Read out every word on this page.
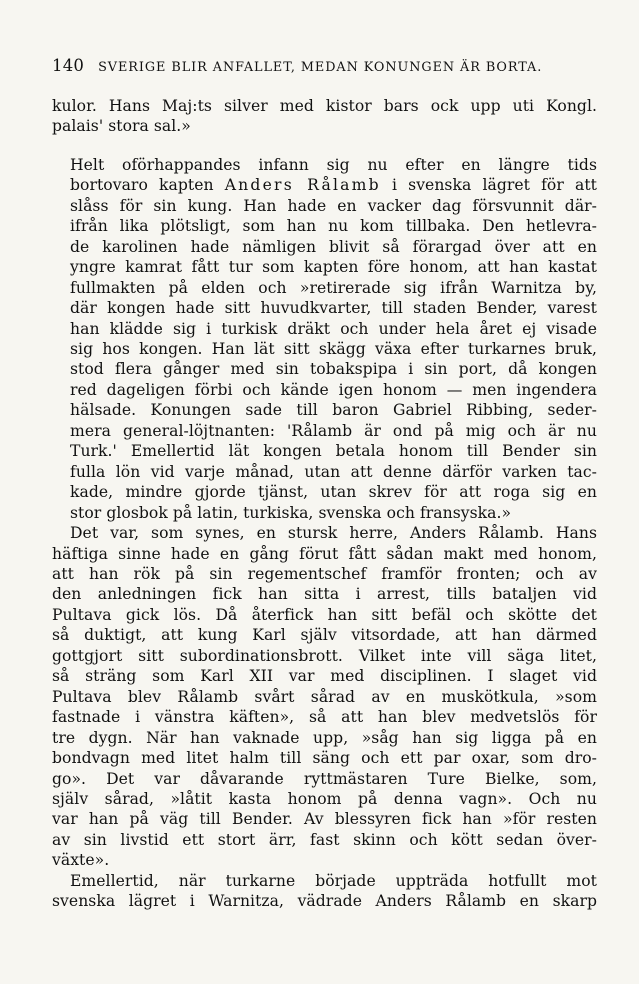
140 SVERIGE BLIR ANFALLET, MEDAN KONUNGEN ÄR BORTA.
kulor. Hans Maj:ts silver med kistor bars ock upp uti Kongl.
palais' stora sal.»
Helt oförhappandes infann sig nu efter en längre tids
bortovaro kapten Anders Rålamb i svenska lägret för att
slåss för sin kung. Han hade en vacker dag försvunnit där-
ifrån lika plötsligt, som han nu kom tillbaka. Den hetlevra-
de karolinen hade nämligen blivit så förargad över att en
yngre kamrat fått tur som kapten före honom, att han kastat
fullmakten på elden och »retirerade sig ifrån Warnitza by,
där kongen hade sitt huvudkvarter, till staden Bender, varest
han klädde sig i turkisk dräkt och under hela året ej visade
sig hos kongen. Han lät sitt skägg växa efter turkarnes bruk,
stod flera gånger med sin tobakspipa i sin port, då kongen
red dageligen förbi och kände igen honom — men ingendera
hälsade. Konungen sade till baron Gabriel Ribbing, seder-
mera general-löjtnanten: 'Rålamb är ond på mig och är nu
Turk.' Emellertid lät kongen betala honom till Bender sin
fulla lön vid varje månad, utan att denne därför varken tac-
kade, mindre gjorde tjänst, utan skrev för att roga sig en
stor glosbok på latin, turkiska, svenska och fransyska.»
Det var, som synes, en stursk herre, Anders Rålamb. Hans
häftiga sinne hade en gång förut fått sådan makt med honom,
att han rök på sin regementschef framför fronten; och av
den anledningen fick han sitta i arrest, tills bataljen vid
Pultava gick lös. Då återfick han sitt befäl och skötte det
så duktigt, att kung Karl själv vitsordade, att han därmed
gottgjort sitt subordinationsbrott. Vilket inte vill säga litet,
så sträng som Karl XII var med disciplinen. I slaget vid
Pultava blev Rålamb svårt sårad av en muskötkula, »som
fastnade i vänstra käften», så att han blev medvetslös för
tre dygn. När han vaknade upp, »såg han sig ligga på en
bondvagn med litet halm till säng och ett par oxar, som dro-
go». Det var dåvarande ryttmästaren Ture Bielke, som,
själv sårad, »låtit kasta honom på denna vagn». Och nu
var han på väg till Bender. Av blessyren fick han »för resten
av sin livstid ett stort ärr, fast skinn och kött sedan över-
växte».
Emellertid, när turkarne började uppträda hotfullt mot
svenska lägret i Warnitza, vädrade Anders Rålamb en skarp
